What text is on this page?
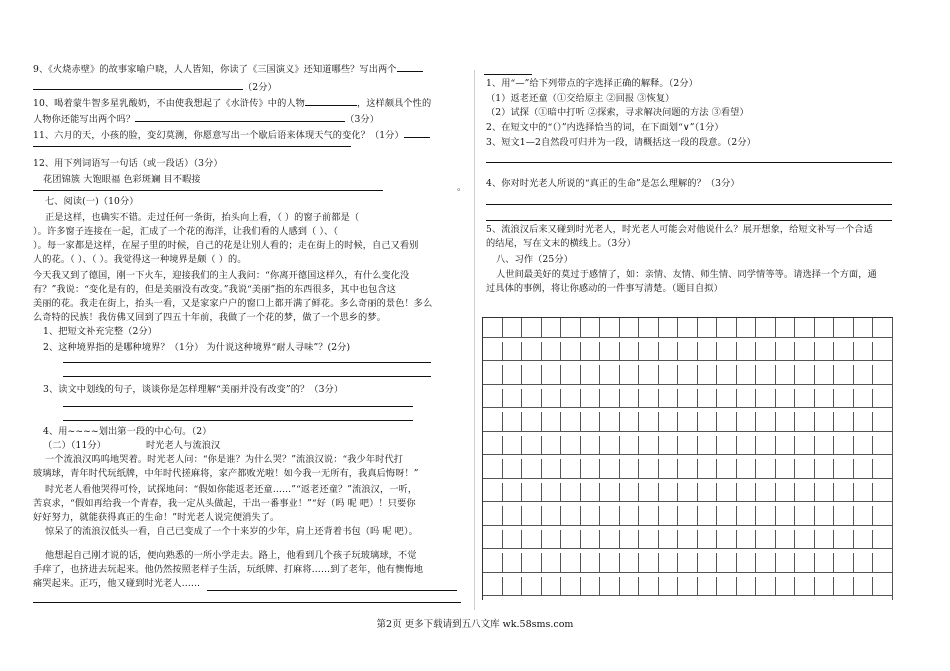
9、《火烧赤壁》的故事家喻户晓，人人皆知，你读了《三国演义》还知道哪些？写出两个
（2分）
10、喝着蒙牛智多星乳酸奶，不由使我想起了《水浒传》中的人物	，这样颇具个性的
人物你还能写出两个吗？	（3分）
11、六月的天，小孩的脸，变幻莫测，你愿意写出一个歇后语来体现天气的变化？（1分）
12、用下列词语写一句话（或一段话）（3分）
花团锦簇 大饱眼福 色彩斑斓 目不暇接
。
七、阅读(一)（10分）
正是这样，也确实不错。走过任何一条街，抬头向上看，（ ）的窗子前都是（
）。许多窗子连接在一起，汇成了一个花的海洋，让我们看的人感到（ ）、（
）。每一家都是这样，在屋子里的时候，自己的花是让别人看的；走在街上的时候，自己又看别
人的花。（ ）、（ ）。我觉得这一种境界是颇（ ）的。
今天我又到了德国，刚一下火车，迎接我们的主人我问：“你离开德国这样久，有什么变化没
有？”我说：“变化是有的，但是美丽没有改变。”我说“美丽”指的东西很多，其中也包含这
美丽的花。我走在街上，抬头一看，又是家家户户的窗口上都开满了鲜花。多么奇丽的景色！多么
么奇特的民族！我仿佛又回到了四五十年前，我做了一个花的梦，做了一个思乡的梦。
1、把短文补充完整（2分）
2、这种境界指的是哪种境界？（1分） 为什说这种境界“耐人寻味”？(2分)
3、读文中划线的句子，谈谈你是怎样理解“美丽并没有改变”的？（3分）
4、用~~~~划出第一段的中心句。（2）
（二）（11分）	时光老人与流浪汉
一个流浪汉呜呜地哭着。时光老人问：“你是谁？为什么哭？”流浪汉说：“我少年时代打
玻璃球，青年时代玩纸牌，中年时代搓麻将，家产都败光啦！如今我一无所有，我真后悔呀！”
时光老人看他哭得可怜，试探地问：“假如你能返老还童……”“返老还童？”流浪汉，一听，
苦哀求，“假如再给我一个青春，我一定从头做起，干出一番事业！”“好（吗 呢 吧）！只要你
好好努力，就能获得真正的生命！”时光老人说完便消失了。
惊呆了的流浪汉低头一看，自己已变成了一个十来岁的少年，肩上还背着书包（吗 呢 吧）。
他想起自己刚才说的话，便向熟悉的一所小学走去。路上，他看到几个孩子玩玻璃球，不觉
手痒了，也挤进去玩起来。他仍然按照老样子生活，玩纸牌、打麻将……到了老年，他有懊悔地
痛哭起来。正巧，他又碰到时光老人……
1、用“—”给下列带点的字选择正确的解释。（2分）
（1）返老还童（①交给原主 ②回报 ③恢复）
（2）试探（①暗中打听 ②探索，寻求解决问题的方法 ③看望）
2、在短文中的“（）”内选择恰当的词，在下面划“∨”（1分）
3、短文1—2自然段可归并为一段，请概括这一段的段意。（2分）
4、你对时光老人所说的“真正的生命”是怎么理解的？（3分）
5、流浪汉后来又碰到时光老人，时光老人可能会对他说什么？展开想象，给短文补写一个合适
的结尾，写在文末的横线上。（3分）
八、习作（25分）
人世间最美好的莫过于感情了，如：亲情、友情、师生情、同学情等等。请选择一个方面，通
过具体的事例，将让你感动的一件事写清楚。（题目自拟）
第2页 更多下载请到五八文库 wk.58sms.com
